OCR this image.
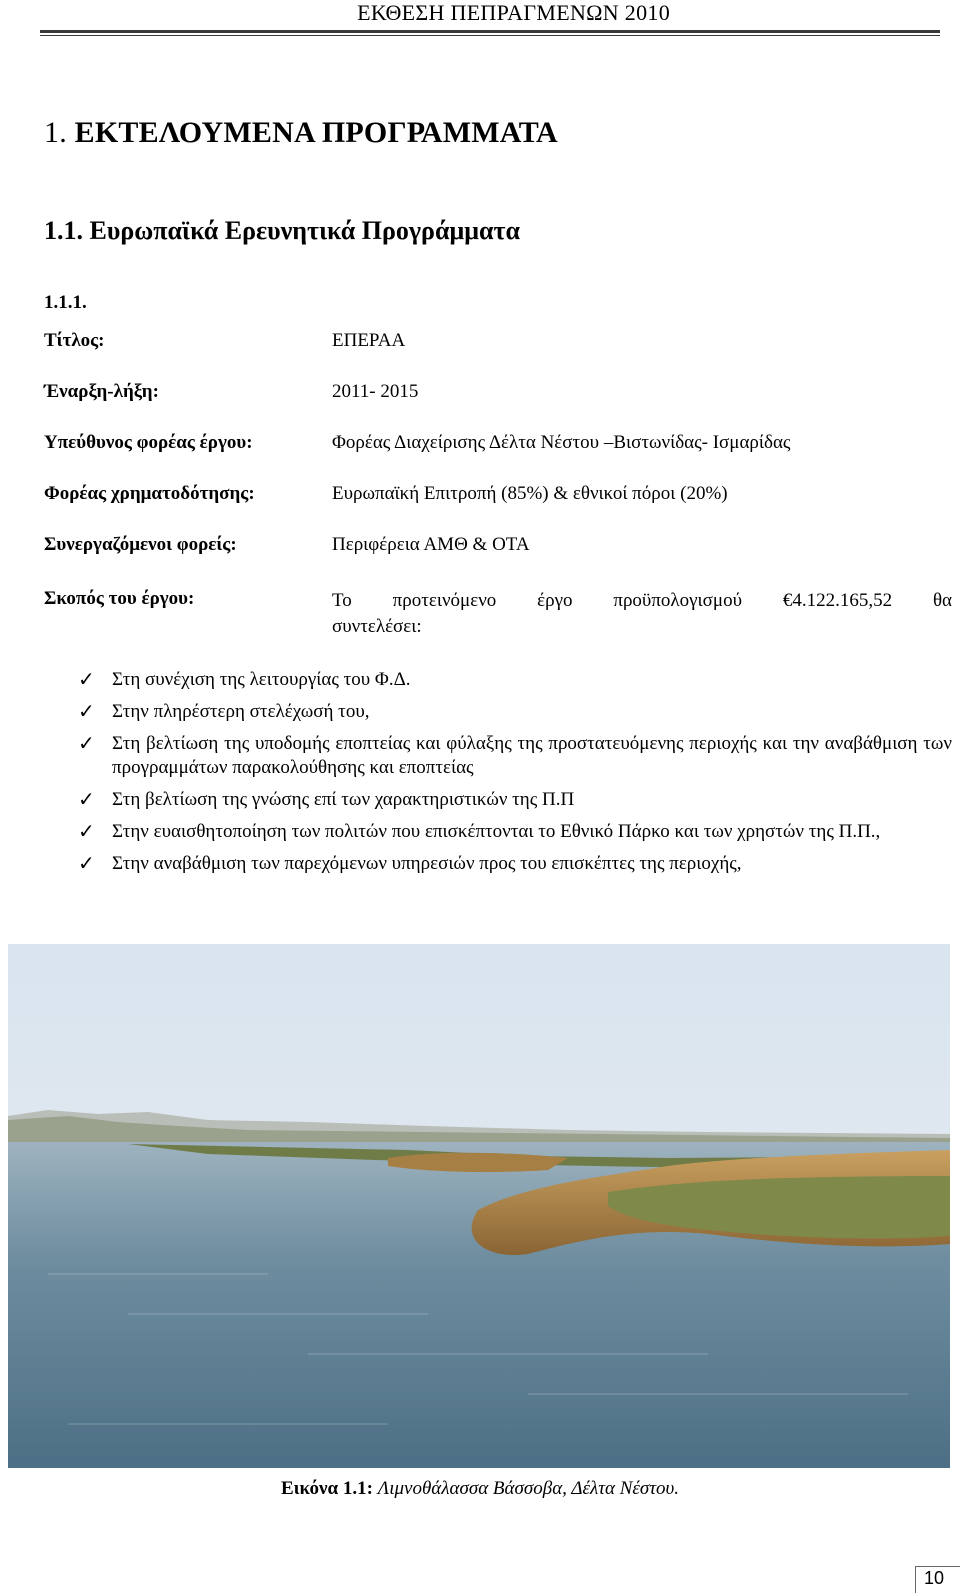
ΕΚΘΕΣΗ ΠΕΠΡΑΓΜΕΝΩΝ 2010
1. ΕΚΤΕΛΟΥΜΕΝΑ ΠΡΟΓΡΑΜΜΑΤΑ
1.1. Ευρωπαϊκά Ερευνητικά Προγράμματα
1.1.1.
Τίτλος:	ΕΠΕΡΑΑ
Έναρξη-λήξη:	2011- 2015
Υπεύθυνος φορέας έργου:	Φορέας Διαχείρισης Δέλτα Νέστου –Βιστωνίδας- Ισμαρίδας
Φορέας χρηματοδότησης:	Ευρωπαϊκή Επιτροπή (85%) & εθνικοί πόροι (20%)
Συνεργαζόμενοι φορείς:	Περιφέρεια ΑΜΘ & ΟΤΑ
Σκοπός του έργου:	Το προτεινόμενο έργο προϋπολογισμού €4.122.165,52 θα
συντελέσει:
✓ Στη συνέχιση της λειτουργίας του Φ.Δ.
✓ Στην πληρέστερη στελέχωσή του,
✓ Στη βελτίωση της υποδομής εποπτείας και φύλαξης της προστατευόμενης περιοχής και την αναβάθμιση των προγραμμάτων παρακολούθησης και εποπτείας
✓ Στη βελτίωση της γνώσης επί των χαρακτηριστικών της Π.Π
✓ Στην ευαισθητοποίηση των πολιτών που επισκέπτονται το Εθνικό Πάρκο και των χρηστών της Π.Π.,
✓ Στην αναβάθμιση των παρεχόμενων υπηρεσιών προς του επισκέπτες της περιοχής,
Εικόνα 1.1: Λιμνοθάλασσα Βάσσοβα, Δέλτα Νέστου.
10
